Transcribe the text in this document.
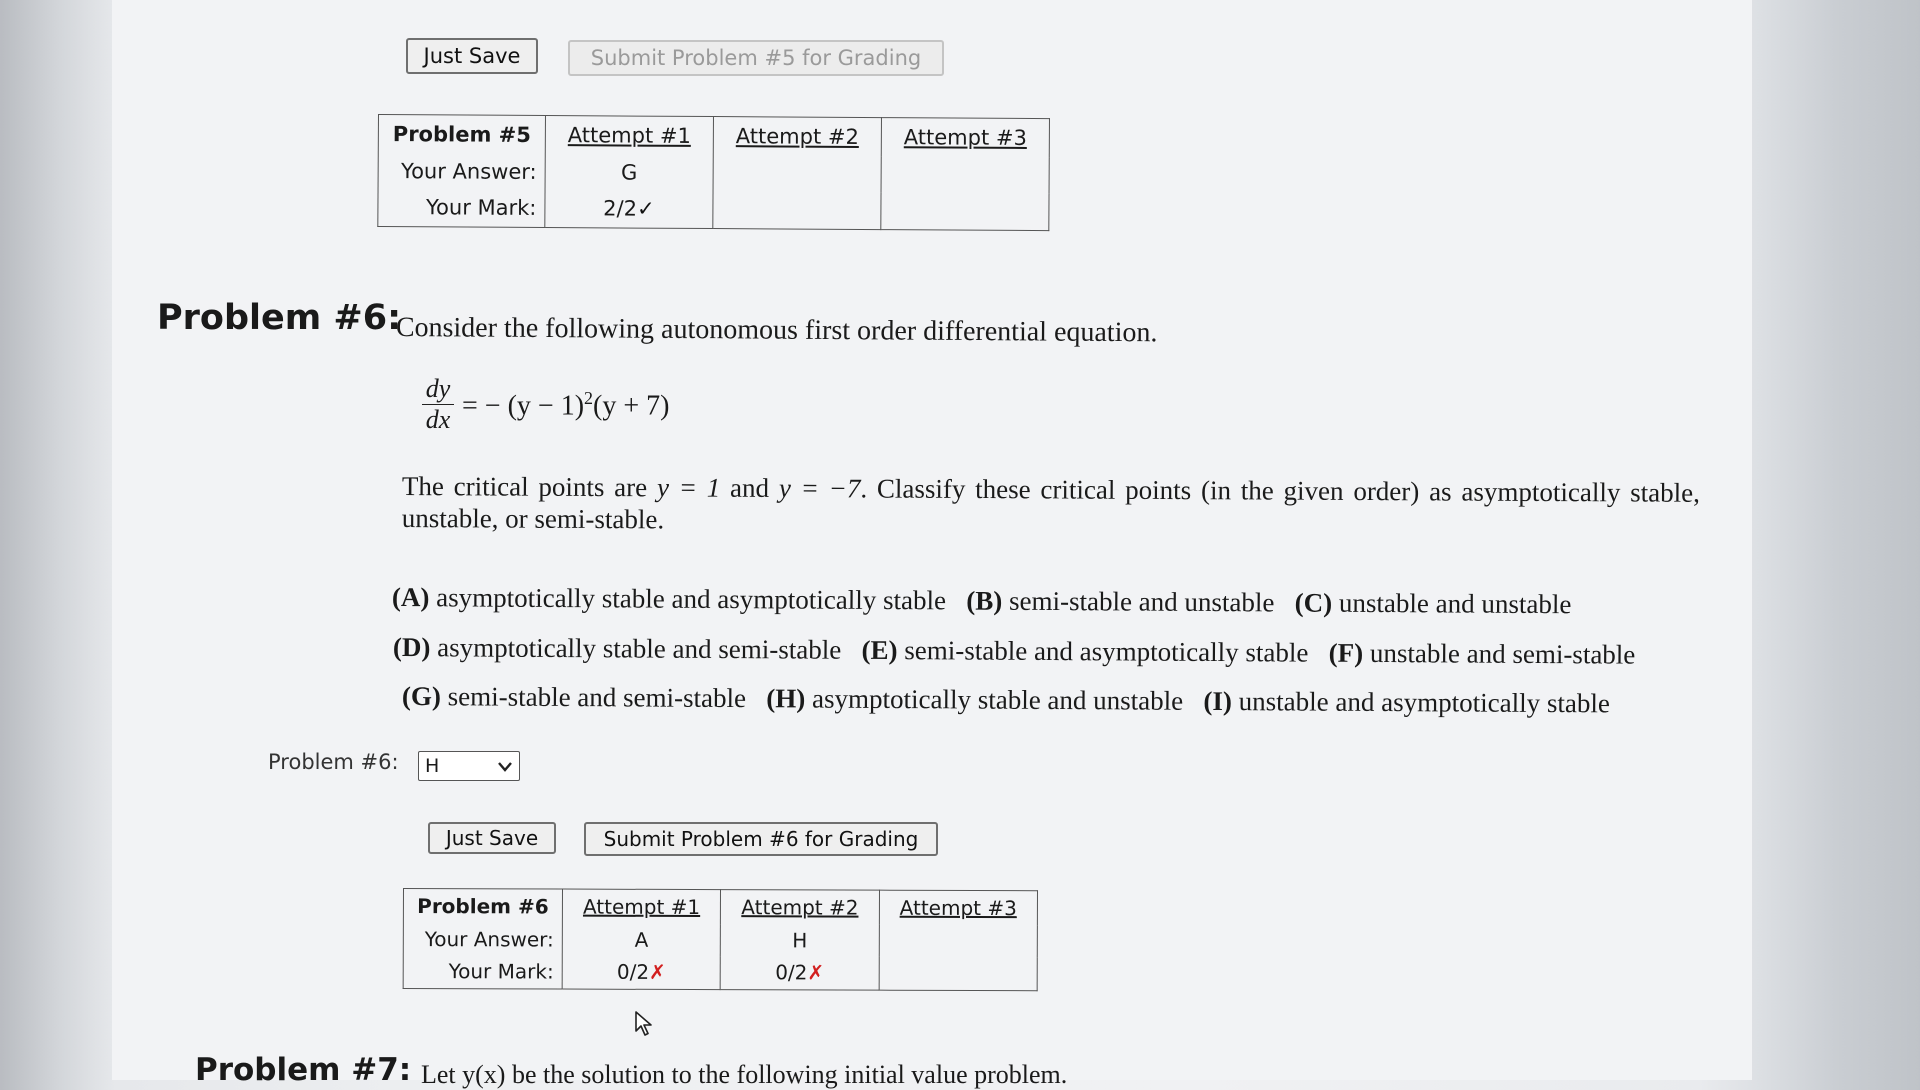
Just Save	Submit Problem #5 for Grading
Problem #5	Attempt #1	Attempt #2	Attempt #3
Your Answer:	G		
Your Mark:	2/2✓		
Problem #6:
Consider the following autonomous first order differential equation.
$\frac{dy}{dx}$ = − $(y - 1)^2(y + 7)$
The critical points are y = 1 and y = −7. Classify these critical points (in the given order) as asymptotically stable, unstable, or semi-stable.
(A) asymptotically stable and asymptotically stable (B) semi-stable and unstable (C) unstable and unstable
(D) asymptotically stable and semi-stable (E) semi-stable and asymptotically stable (F) unstable and semi-stable
(G) semi-stable and semi-stable (H) asymptotically stable and unstable (I) unstable and asymptotically stable
Problem #6: H
Just Save	Submit Problem #6 for Grading
Problem #6	Attempt #1	Attempt #2	Attempt #3
Your Answer:	A	H	
Your Mark:	0/2✗	0/2✗	
Problem #7: Let y(x) be the solution to the following initial value problem.
